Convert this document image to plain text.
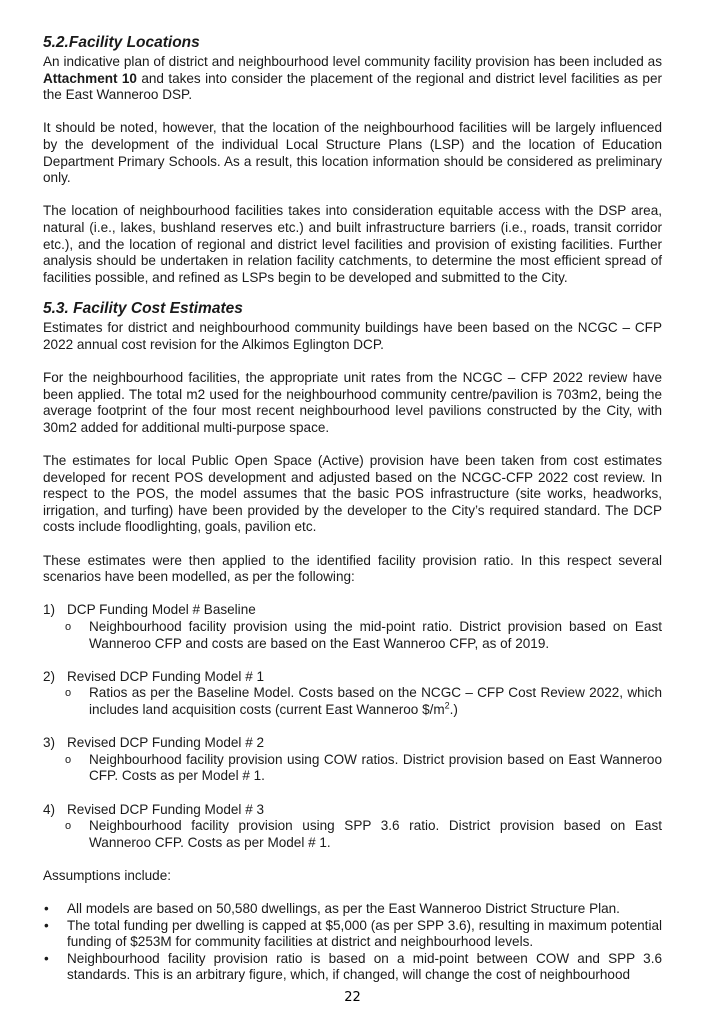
5.2.Facility Locations

An indicative plan of district and neighbourhood level community facility provision has been included as Attachment 10 and takes into consider the placement of the regional and district level facilities as per the East Wanneroo DSP.

It should be noted, however, that the location of the neighbourhood facilities will be largely influenced by the development of the individual Local Structure Plans (LSP) and the location of Education Department Primary Schools. As a result, this location information should be considered as preliminary only.

The location of neighbourhood facilities takes into consideration equitable access with the DSP area, natural (i.e., lakes, bushland reserves etc.) and built infrastructure barriers (i.e., roads, transit corridor etc.), and the location of regional and district level facilities and provision of existing facilities. Further analysis should be undertaken in relation facility catchments, to determine the most efficient spread of facilities possible, and refined as LSPs begin to be developed and submitted to the City.

5.3. Facility Cost Estimates

Estimates for district and neighbourhood community buildings have been based on the NCGC – CFP 2022 annual cost revision for the Alkimos Eglington DCP.

For the neighbourhood facilities, the appropriate unit rates from the NCGC – CFP 2022 review have been applied. The total m2 used for the neighbourhood community centre/pavilion is 703m2, being the average footprint of the four most recent neighbourhood level pavilions constructed by the City, with 30m2 added for additional multi-purpose space.

The estimates for local Public Open Space (Active) provision have been taken from cost estimates developed for recent POS development and adjusted based on the NCGC-CFP 2022 cost review. In respect to the POS, the model assumes that the basic POS infrastructure (site works, headworks, irrigation, and turfing) have been provided by the developer to the City’s required standard. The DCP costs include floodlighting, goals, pavilion etc.

These estimates were then applied to the identified facility provision ratio. In this respect several scenarios have been modelled, as per the following:

1) DCP Funding Model # Baseline
o Neighbourhood facility provision using the mid-point ratio. District provision based on East Wanneroo CFP and costs are based on the East Wanneroo CFP, as of 2019.
2) Revised DCP Funding Model # 1
o Ratios as per the Baseline Model. Costs based on the NCGC – CFP Cost Review 2022, which includes land acquisition costs (current East Wanneroo $\$/m^2$.)
3) Revised DCP Funding Model # 2
o Neighbourhood facility provision using COW ratios. District provision based on East Wanneroo CFP. Costs as per Model # 1.
4) Revised DCP Funding Model # 3
o Neighbourhood facility provision using SPP 3.6 ratio. District provision based on East Wanneroo CFP. Costs as per Model # 1.

Assumptions include:

• All models are based on 50,580 dwellings, as per the East Wanneroo District Structure Plan.
• The total funding per dwelling is capped at $5,000 (as per SPP 3.6), resulting in maximum potential funding of $253M for community facilities at district and neighbourhood levels.
• Neighbourhood facility provision ratio is based on a mid-point between COW and SPP 3.6 standards. This is an arbitrary figure, which, if changed, will change the cost of neighbourhood
22
